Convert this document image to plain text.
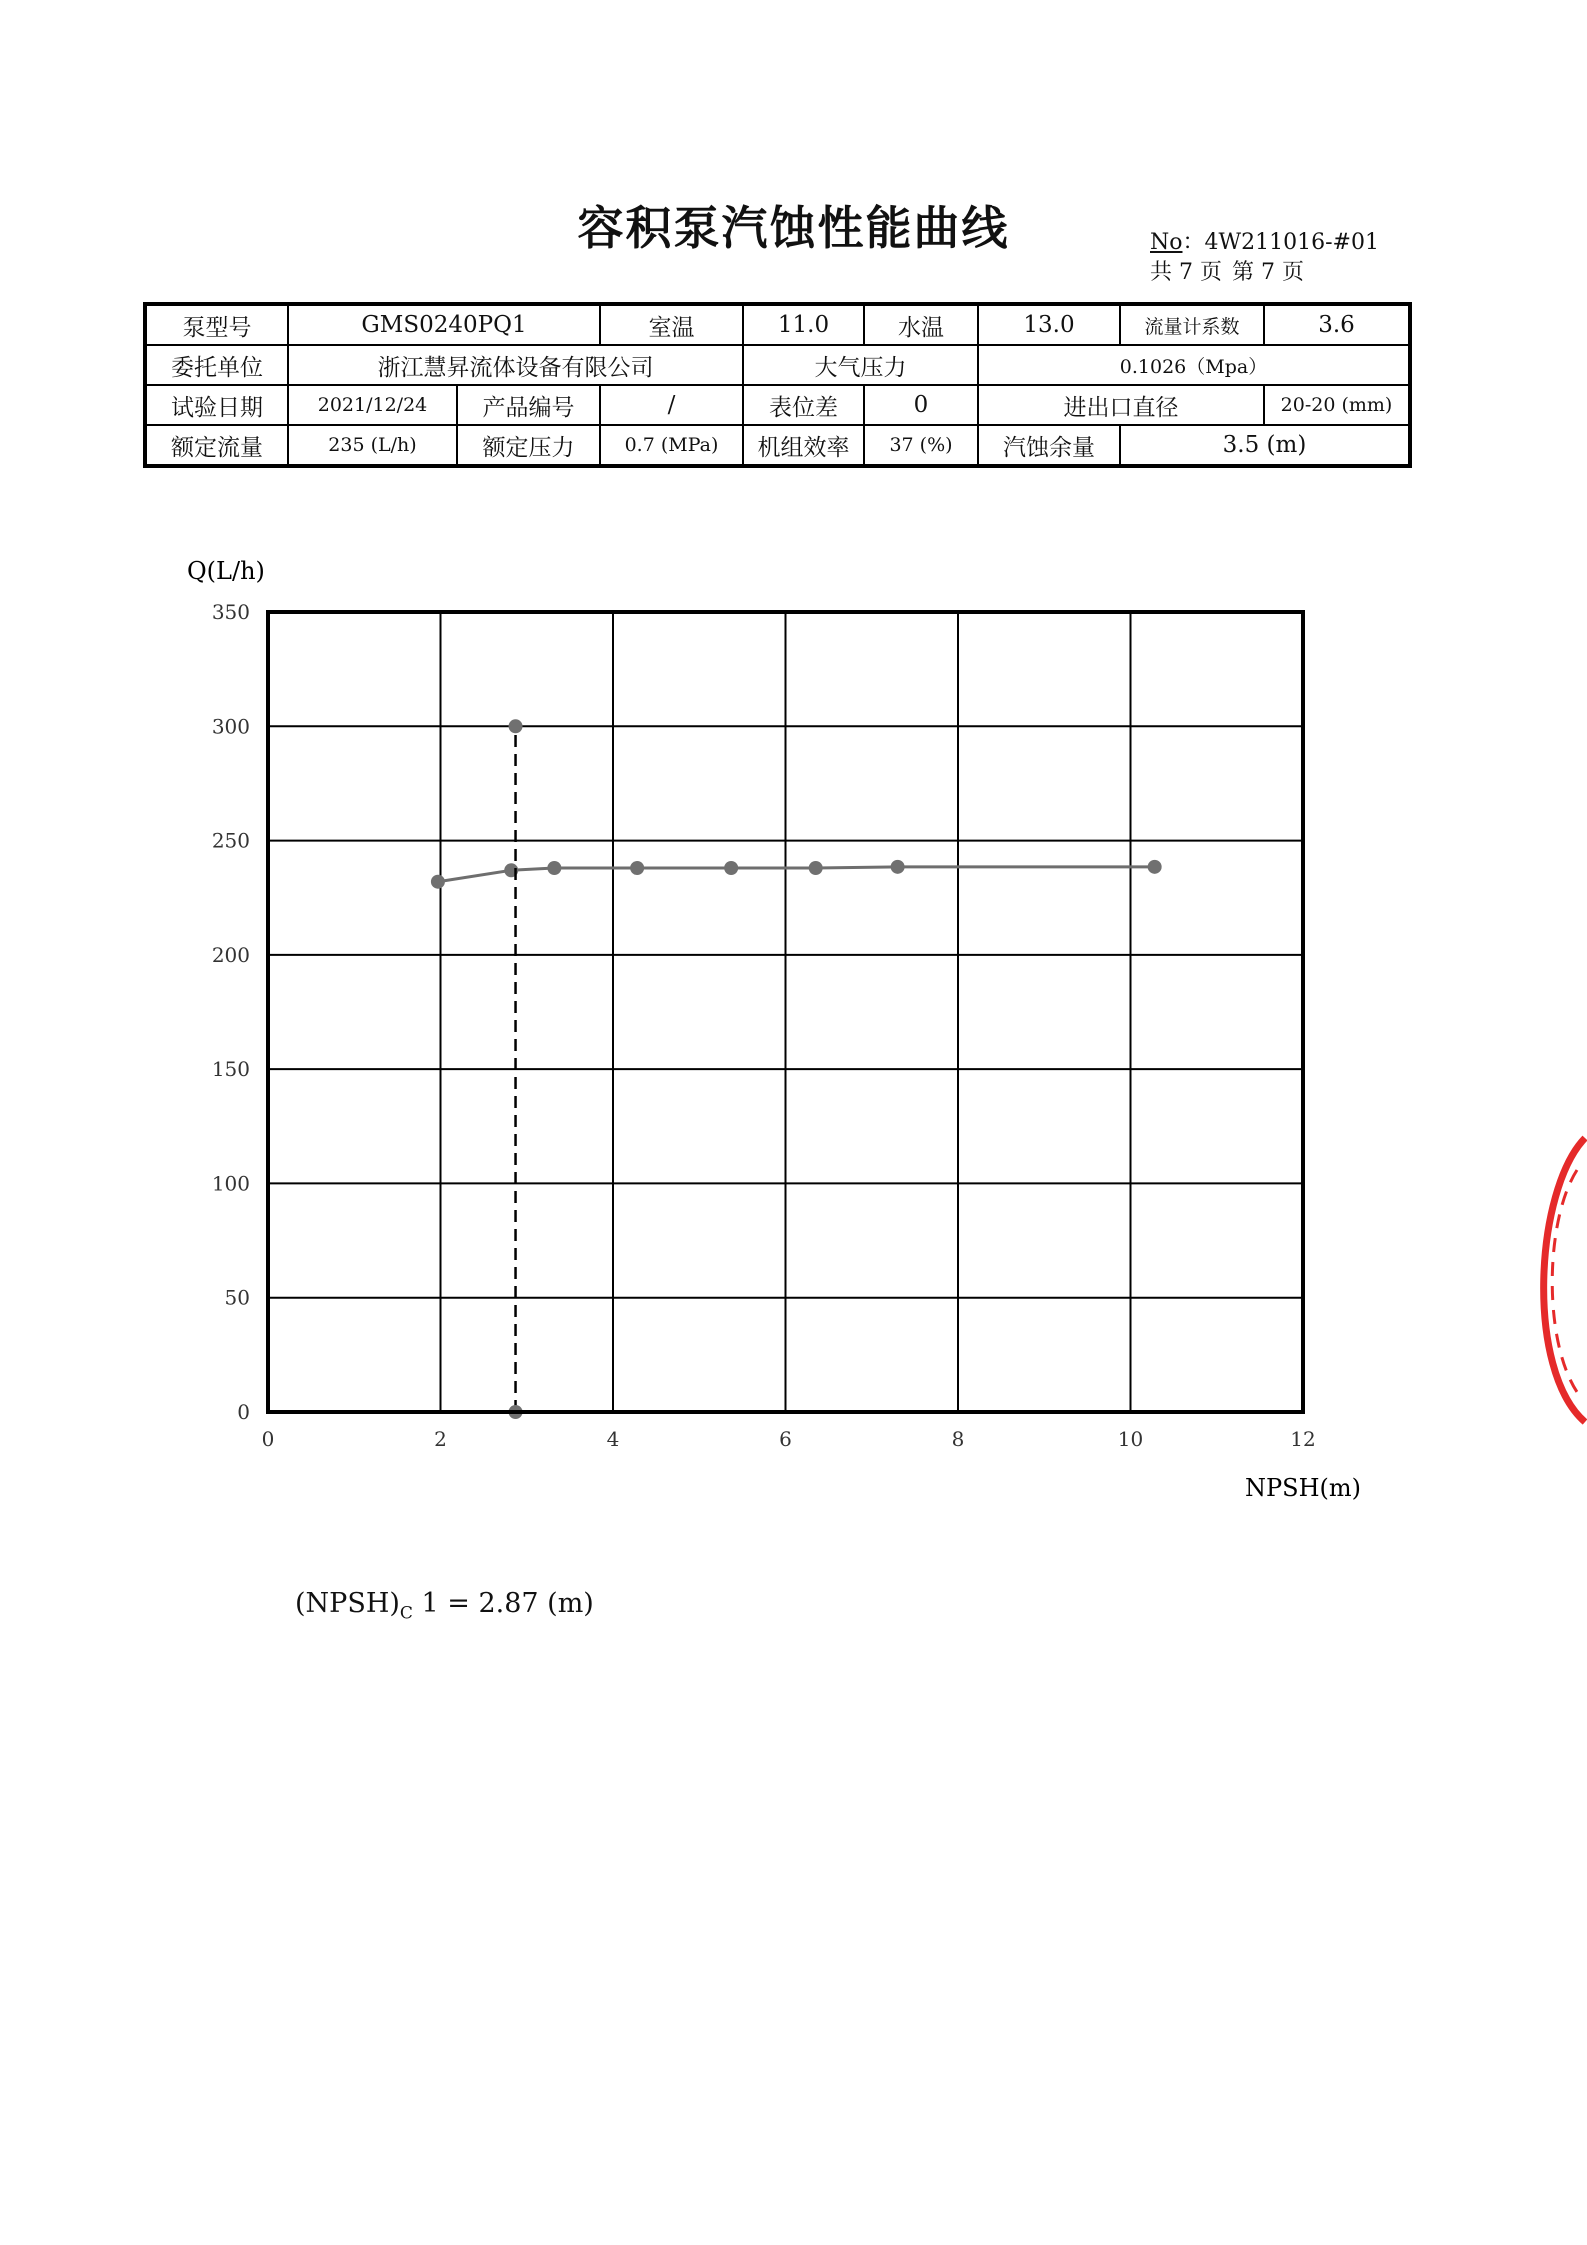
容积泵汽蚀性能曲线	No：4W211016-#01
共 7 页 第 7 页
泵型号	GMS0240PQ1		室温	11.0	水温	13.0	流量计系数	3.6
委托单位	浙江慧昇流体设备有限公司			大气压力		0.1026（Mpa）		
试验日期	2021/12/24	产品编号	/	表位差	0	进出口直径		20-20 (mm)
额定流量	235 (L/h)	额定压力	0.7 (MPa)	机组效率	37 (%)	汽蚀余量	3.5 (m)	
Q(L/h)
NPSH(m)
0	2	4	6	8	10	12
0
50
100
150
200
250
300
350
$(NPSH)_C$ 1 = 2.87 (m)
